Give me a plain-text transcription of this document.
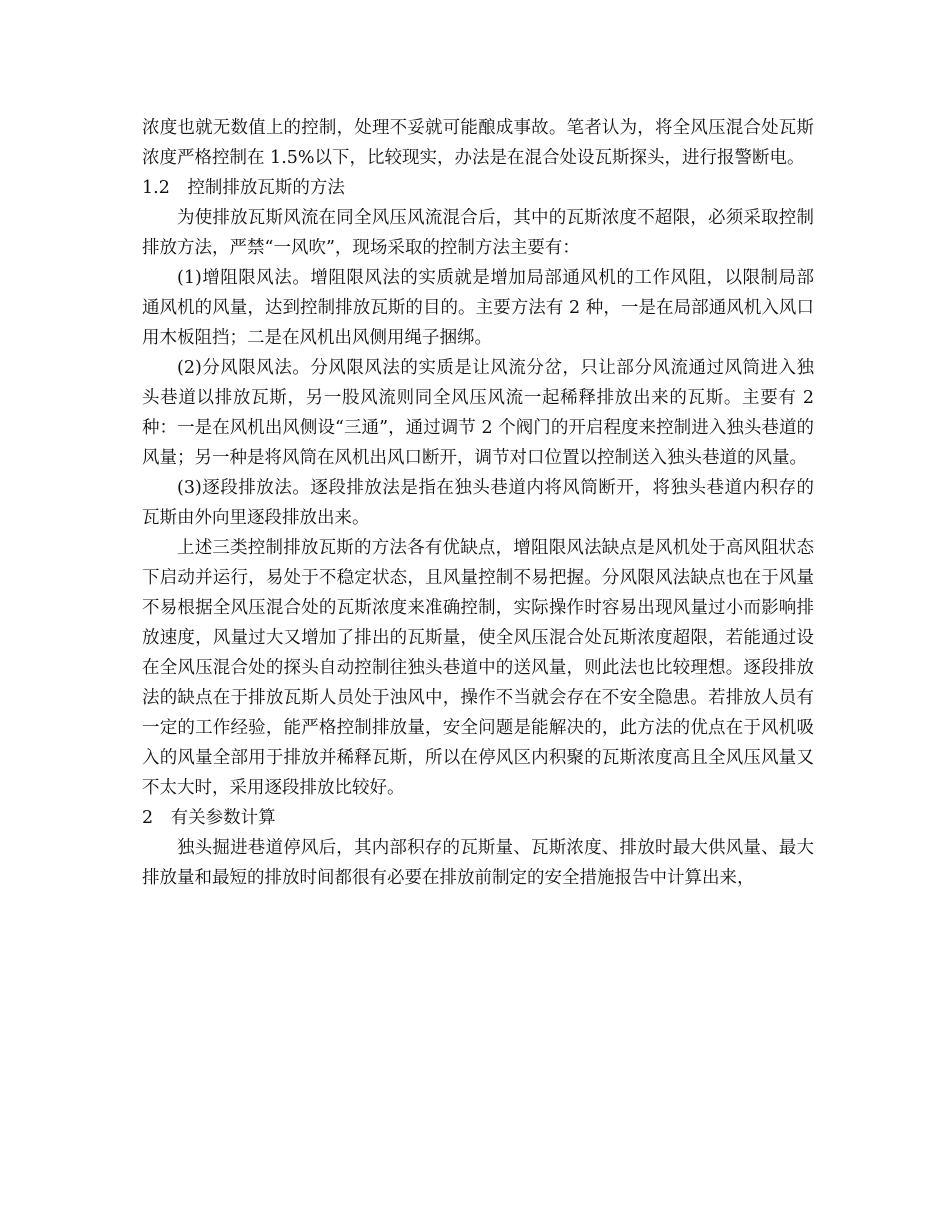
浓度也就无数值上的控制，处理不妥就可能酿成事故。笔者认为，将全风压混合处瓦斯浓度严格控制在 1.5%以下，比较现实，办法是在混合处设瓦斯探头，进行报警断电。

1.2　控制排放瓦斯的方法

为使排放瓦斯风流在同全风压风流混合后，其中的瓦斯浓度不超限，必须采取控制排放方法，严禁“一风吹”，现场采取的控制方法主要有：

(1)增阻限风法。增阻限风法的实质就是增加局部通风机的工作风阻，以限制局部通风机的风量，达到控制排放瓦斯的目的。主要方法有 2 种，一是在局部通风机入风口用木板阻挡；二是在风机出风侧用绳子捆绑。

(2)分风限风法。分风限风法的实质是让风流分岔，只让部分风流通过风筒进入独头巷道以排放瓦斯，另一股风流则同全风压风流一起稀释排放出来的瓦斯。主要有 2 种：一是在风机出风侧设“三通”，通过调节 2 个阀门的开启程度来控制进入独头巷道的风量；另一种是将风筒在风机出风口断开，调节对口位置以控制送入独头巷道的风量。

(3)逐段排放法。逐段排放法是指在独头巷道内将风筒断开，将独头巷道内积存的瓦斯由外向里逐段排放出来。

上述三类控制排放瓦斯的方法各有优缺点，增阻限风法缺点是风机处于高风阻状态下启动并运行，易处于不稳定状态，且风量控制不易把握。分风限风法缺点也在于风量不易根据全风压混合处的瓦斯浓度来准确控制，实际操作时容易出现风量过小而影响排放速度，风量过大又增加了排出的瓦斯量，使全风压混合处瓦斯浓度超限，若能通过设在全风压混合处的探头自动控制往独头巷道中的送风量，则此法也比较理想。逐段排放法的缺点在于排放瓦斯人员处于浊风中，操作不当就会存在不安全隐患。若排放人员有一定的工作经验，能严格控制排放量，安全问题是能解决的，此方法的优点在于风机吸入的风量全部用于排放并稀释瓦斯，所以在停风区内积聚的瓦斯浓度高且全风压风量又不太大时，采用逐段排放比较好。

2　有关参数计算

独头掘进巷道停风后，其内部积存的瓦斯量、瓦斯浓度、排放时最大供风量、最大排放量和最短的排放时间都很有必要在排放前制定的安全措施报告中计算出来，
